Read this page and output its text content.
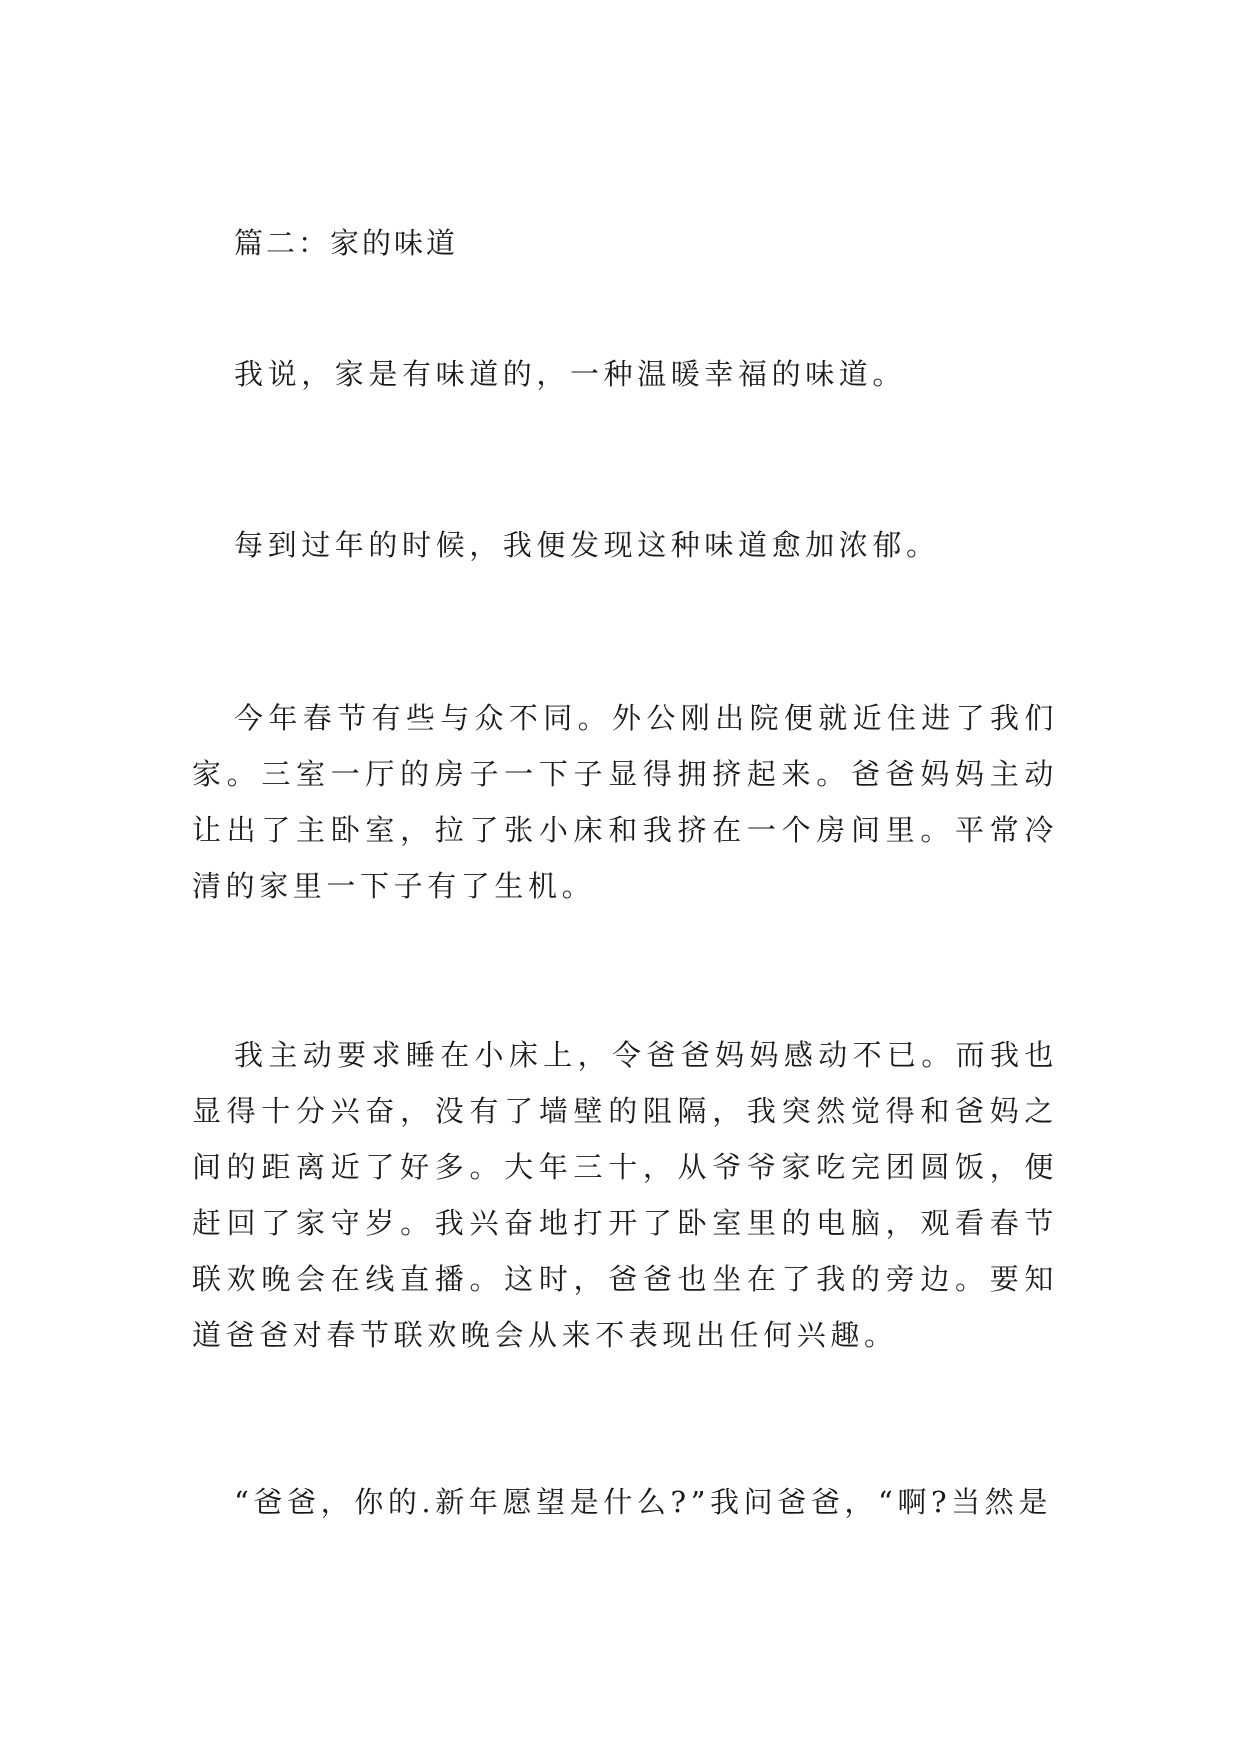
篇二：家的味道

我说，家是有味道的，一种温暖幸福的味道。

每到过年的时候，我便发现这种味道愈加浓郁。

今年春节有些与众不同。外公刚出院便就近住进了我们家。三室一厅的房子一下子显得拥挤起来。爸爸妈妈主动让出了主卧室，拉了张小床和我挤在一个房间里。平常冷清的家里一下子有了生机。

我主动要求睡在小床上，令爸爸妈妈感动不已。而我也显得十分兴奋，没有了墙壁的阻隔，我突然觉得和爸妈之间的距离近了好多。大年三十，从爷爷家吃完团圆饭，便赶回了家守岁。我兴奋地打开了卧室里的电脑，观看春节联欢晚会在线直播。这时，爸爸也坐在了我的旁边。要知道爸爸对春节联欢晚会从来不表现出任何兴趣。

“爸爸，你的.新年愿望是什么?”我问爸爸，“啊?当然是
